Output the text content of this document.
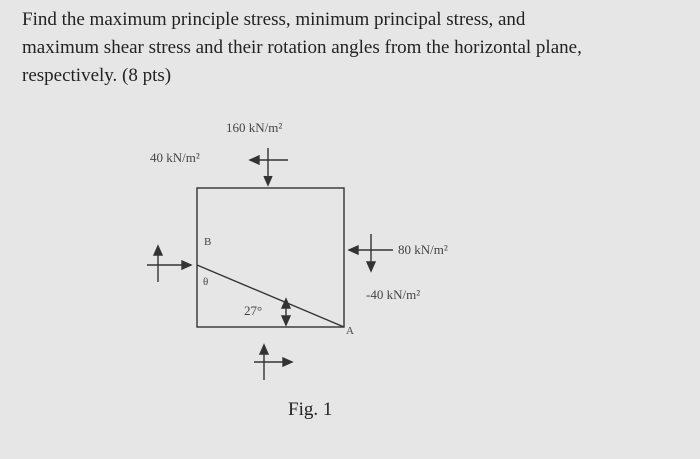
Find the maximum principle stress, minimum principal stress, and
maximum shear stress and their rotation angles from the horizontal plane,
respectively. (8 pts)
160 kN/m²
40 kN/m²
80 kN/m²
-40 kN/m²
B
θ
27°
A
Fig. 1
